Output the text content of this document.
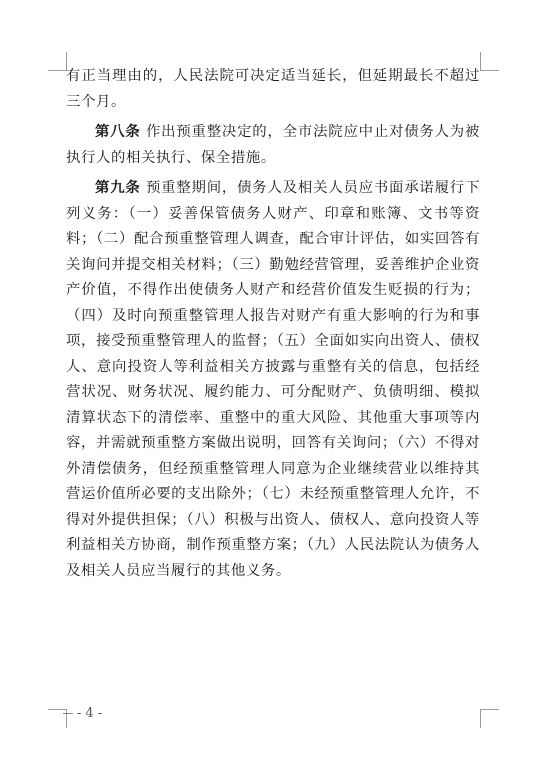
有正当理由的，人民法院可决定适当延长，但延期最长不超过三个月。

第八条 作出预重整决定的，全市法院应中止对债务人为被执行人的相关执行、保全措施。

第九条 预重整期间，债务人及相关人员应书面承诺履行下列义务：（一）妥善保管债务人财产、印章和账簿、文书等资料；（二）配合预重整管理人调查，配合审计评估，如实回答有关询问并提交相关材料；（三）勤勉经营管理，妥善维护企业资产价值，不得作出使债务人财产和经营价值发生贬损的行为；（四）及时向预重整管理人报告对财产有重大影响的行为和事项，接受预重整管理人的监督；（五）全面如实向出资人、债权人、意向投资人等利益相关方披露与重整有关的信息，包括经营状况、财务状况、履约能力、可分配财产、负债明细、模拟清算状态下的清偿率、重整中的重大风险、其他重大事项等内容，并需就预重整方案做出说明，回答有关询问；（六）不得对外清偿债务，但经预重整管理人同意为企业继续营业以维持其营运价值所必要的支出除外；（七）未经预重整管理人允许，不得对外提供担保；（八）积极与出资人、债权人、意向投资人等利益相关方协商，制作预重整方案；（九）人民法院认为债务人及相关人员应当履行的其他义务。

- 4 -
